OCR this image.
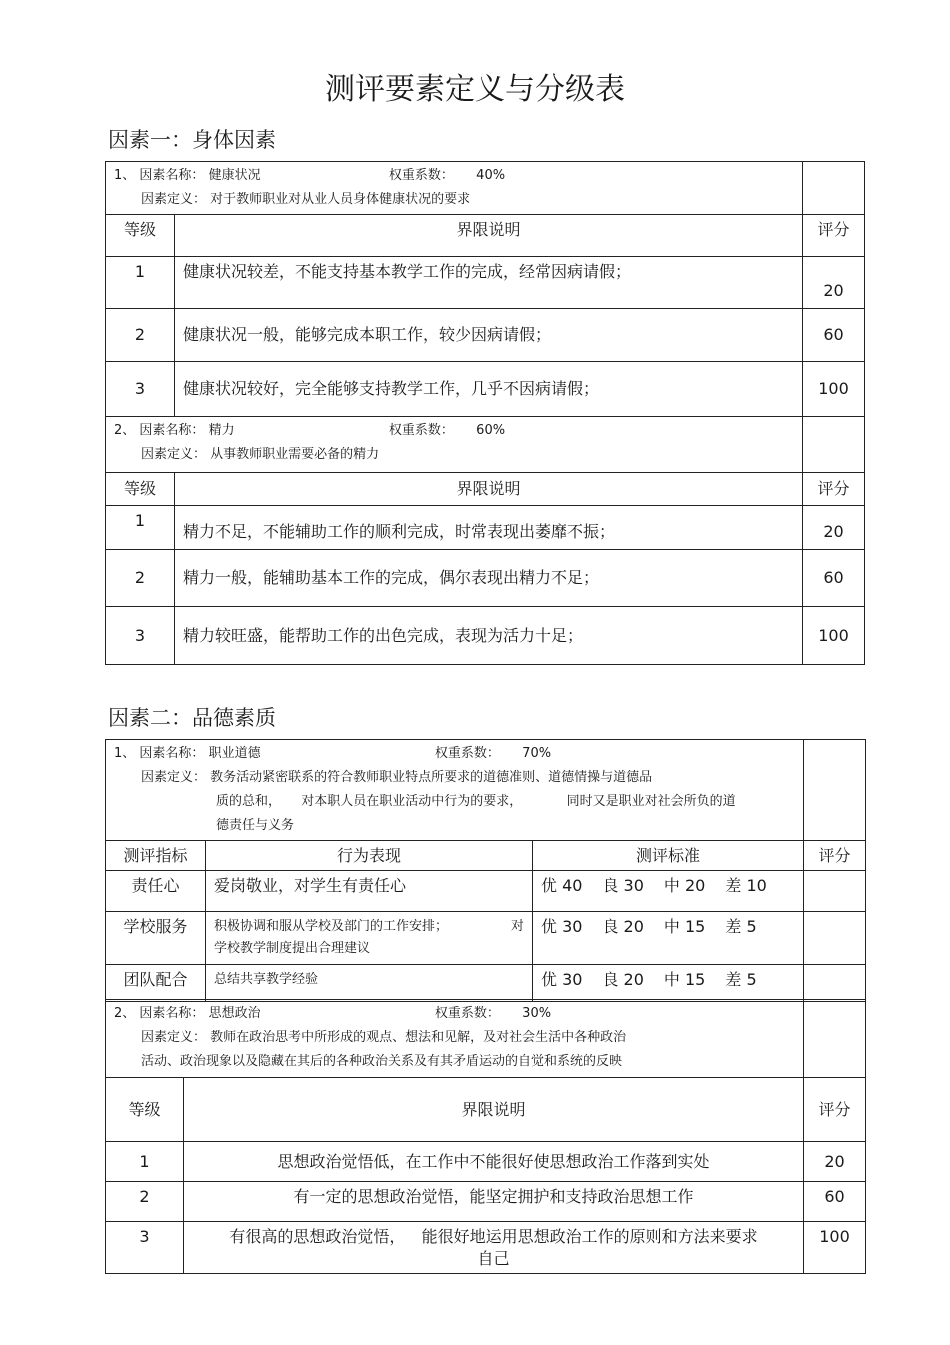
测评要素定义与分级表
因素一：身体因素
1、 因素名称： 健康状况 权重系数： 40%
因素定义： 对于教师职业对从业人员身体健康状况的要求		

等级	界限说明	评分
1	健康状况较差，不能支持基本教学工作的完成，经常因病请假；	20
2	健康状况一般，能够完成本职工作，较少因病请假；	60
3	健康状况较好，完全能够支持教学工作，几乎不因病请假；	100

2、 因素名称： 精力 权重系数： 60%
因素定义： 从事教师职业需要必备的精力		

等级	界限说明	评分
1	精力不足，不能辅助工作的顺利完成，时常表现出萎靡不振；	20
2	精力一般，能辅助基本工作的完成，偶尔表现出精力不足；	60
3	精力较旺盛，能帮助工作的出色完成，表现为活力十足；	100
因素二：品德素质
1、 因素名称： 职业道德 权重系数： 70%
因素定义： 教务活动紧密联系的符合教师职业特点所要求的道德准则、道德情操与道德品
质的总和， 对本职人员在职业活动中行为的要求， 同时又是职业对社会所负的道
德责任与义务			

测评指标	行为表现	测评标准	评分
责任心	爱岗敬业，对学生有责任心	优 40 良 30 中 20 差 10	
学校服务	积极协调和服从学校及部门的工作安排； 对
学校教学制度提出合理建议	优 30 良 20 中 15 差 5	
团队配合	总结共享教学经验	优 30 良 20 中 15 差 5	
2、 因素名称： 思想政治 权重系数： 30%
因素定义： 教师在政治思考中所形成的观点、想法和见解，及对社会生活中各种政治
活动、政治现象以及隐藏在其后的各种政治关系及有其矛盾运动的自觉和系统的反映		

等级	界限说明	评分
1	思想政治觉悟低，在工作中不能很好使思想政治工作落到实处	20
2	有一定的思想政治觉悟，能坚定拥护和支持政治思想工作	60
3	有很高的思想政治觉悟， 能很好地运用思想政治工作的原则和方法来要求
自己	100
